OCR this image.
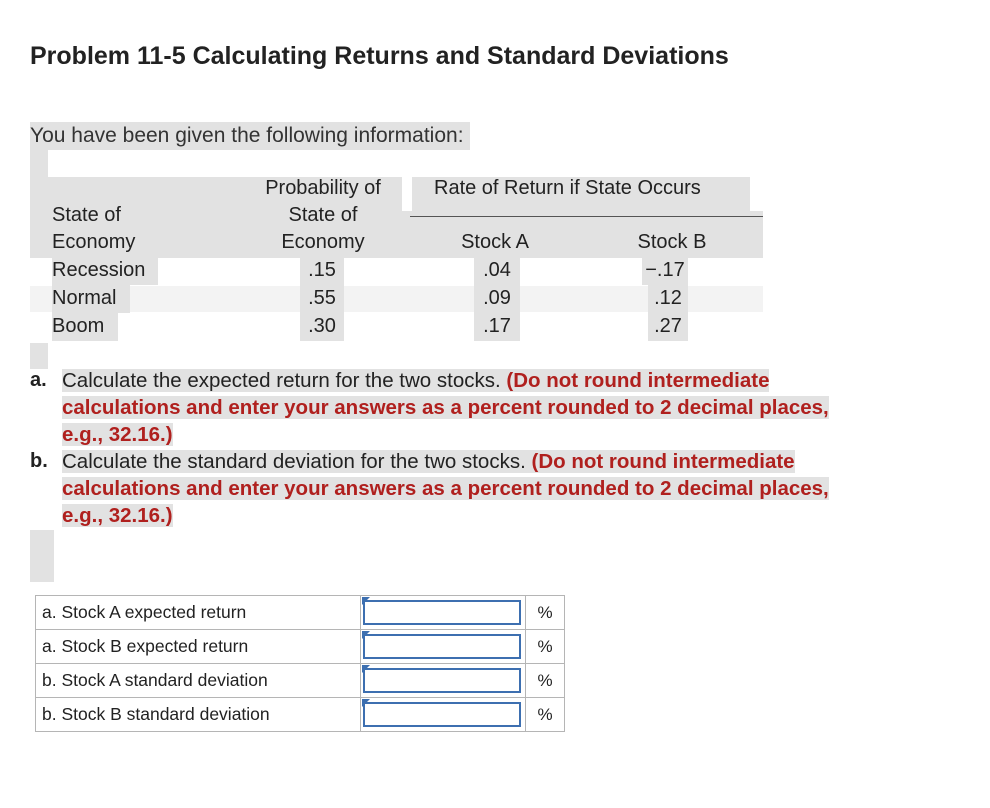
Problem 11-5 Calculating Returns and Standard Deviations
You have been given the following information:
State of
Economy
Probability of
State of
Economy
Rate of Return if State Occurs
Stock A	Stock B
Recession	.15	.04	−.17
Normal	.55	.09	.12
Boom	.30	.17	.27
a. Calculate the expected return for the two stocks. (Do not round intermediate
calculations and enter your answers as a percent rounded to 2 decimal places,
e.g., 32.16.)
b. Calculate the standard deviation for the two stocks. (Do not round intermediate
calculations and enter your answers as a percent rounded to 2 decimal places,
e.g., 32.16.)
a. Stock A expected return		%
a. Stock B expected return		%
b. Stock A standard deviation		%
b. Stock B standard deviation		%
